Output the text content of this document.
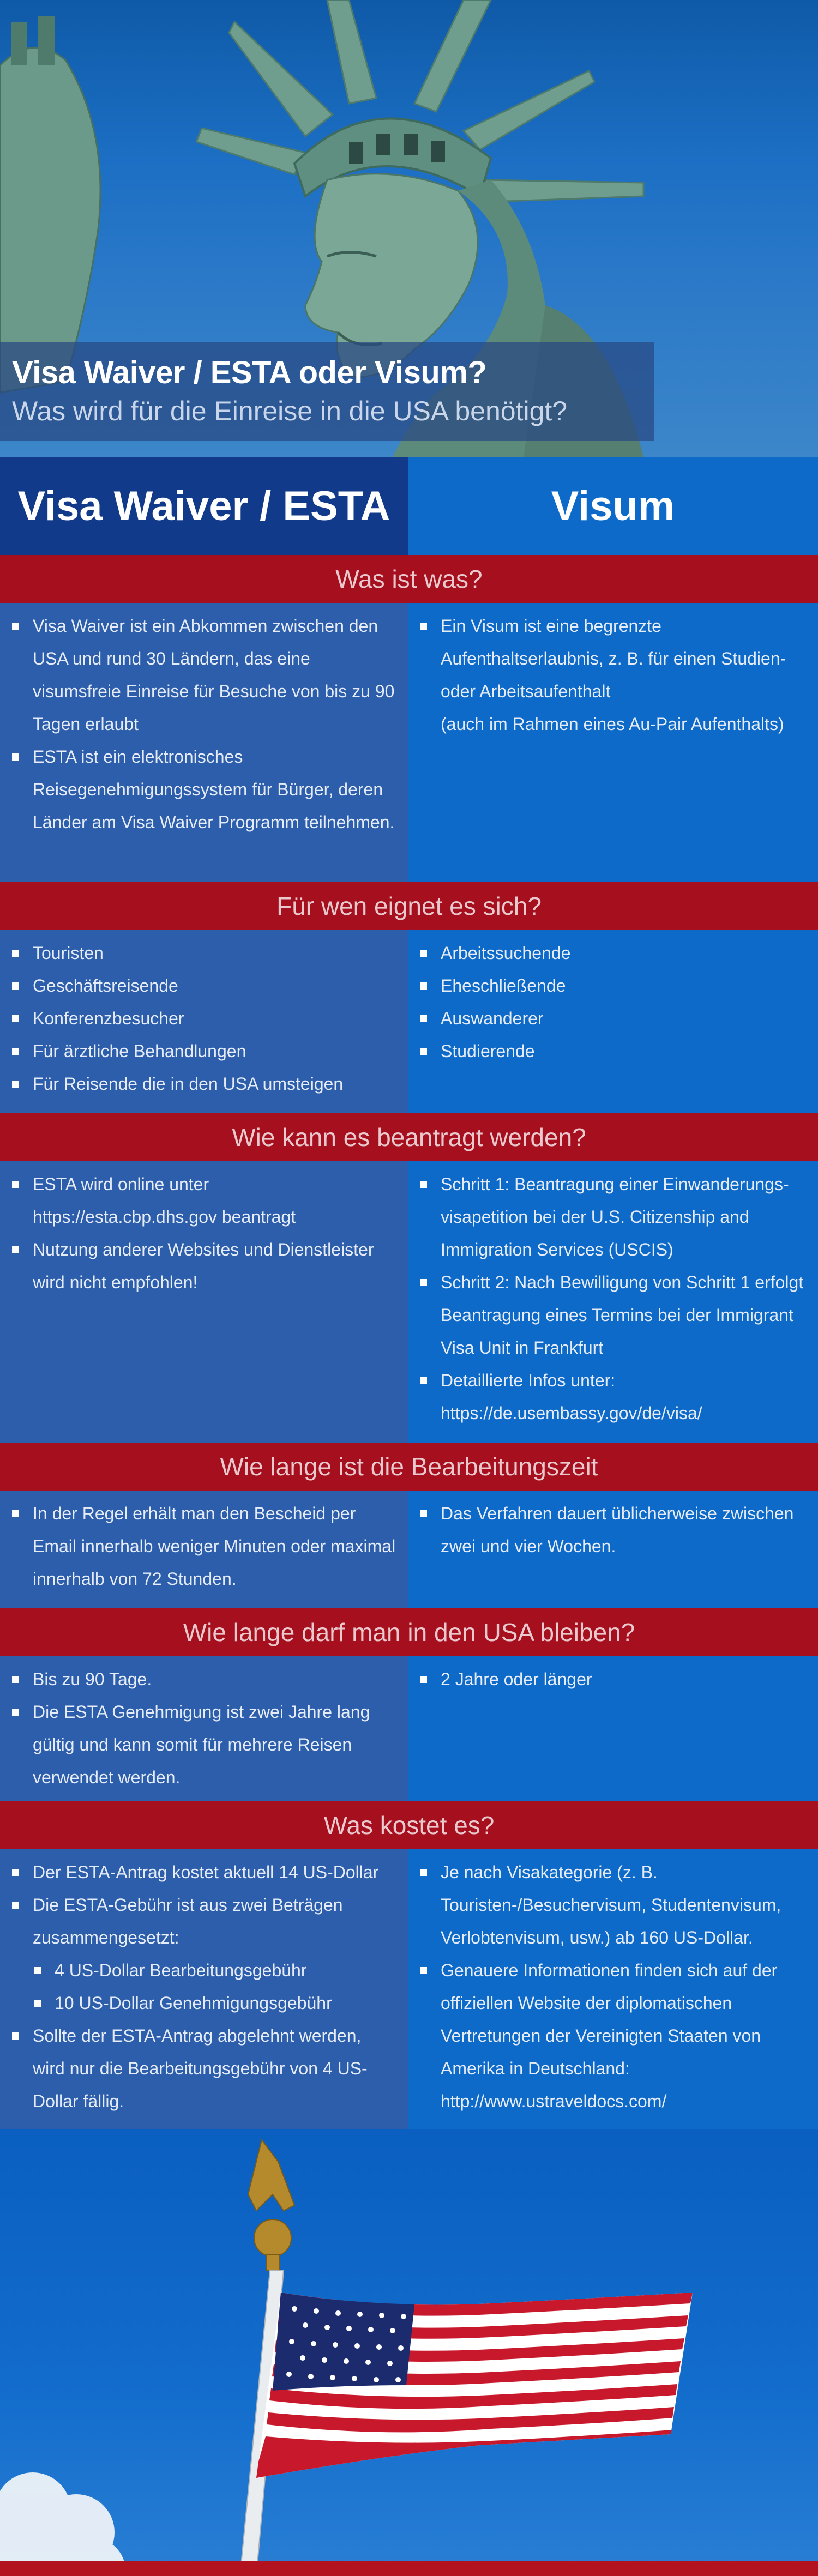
Visa Waiver / ESTA oder Visum?
Was wird für die Einreise in die USA benötigt?
Visa Waiver / ESTA	Visum
Was ist was?
Visa Waiver ist ein Abkommen zwischen den USA und rund 30 Ländern, das eine visumsfreie Einreise für Besuche von bis zu 90 Tagen erlaubt
ESTA ist ein elektronisches Reisegenehmigungssystem für Bürger, deren Länder am Visa Waiver Programm teilnehmen.
Ein Visum ist eine begrenzte Aufenthaltserlaubnis, z. B. für einen Studien- oder Arbeitsaufenthalt
(auch im Rahmen eines Au-Pair Aufenthalts)
Für wen eignet es sich?
Touristen
Geschäftsreisende
Konferenzbesucher
Für ärztliche Behandlungen
Für Reisende die in den USA umsteigen
Arbeitssuchende
Eheschließende
Auswanderer
Studierende
Wie kann es beantragt werden?
ESTA wird online unter https://esta.cbp.dhs.gov beantragt
Nutzung anderer Websites und Dienstleister wird nicht empfohlen!
Schritt 1: Beantragung einer Einwanderungs-visapetition bei der U.S. Citizenship and Immigration Services (USCIS)
Schritt 2: Nach Bewilligung von Schritt 1 erfolgt Beantragung eines Termins bei der Immigrant Visa Unit in Frankfurt
Detaillierte Infos unter: https://de.usembassy.gov/de/visa/
Wie lange ist die Bearbeitungszeit
In der Regel erhält man den Bescheid per Email innerhalb weniger Minuten oder maximal innerhalb von 72 Stunden.
Das Verfahren dauert üblicherweise zwischen zwei und vier Wochen.
Wie lange darf man in den USA bleiben?
Bis zu 90 Tage.
Die ESTA Genehmigung ist zwei Jahre lang gültig und kann somit für mehrere Reisen verwendet werden.
2 Jahre oder länger
Was kostet es?
Der ESTA-Antrag kostet aktuell 14 US-Dollar
Die ESTA-Gebühr ist aus zwei Beträgen zusammengesetzt:
4 US-Dollar Bearbeitungsgebühr
10 US-Dollar Genehmigungsgebühr
Sollte der ESTA-Antrag abgelehnt werden, wird nur die Bearbeitungsgebühr von 4 US-Dollar fällig.
Je nach Visakategorie (z. B. Touristen-/Besuchervisum, Studentenvisum, Verlobtenvisum, usw.) ab 160 US-Dollar.
Genauere Informationen finden sich auf der offiziellen Website der diplomatischen Vertretungen der Vereinigten Staaten von Amerika in Deutschland: http://www.ustraveldocs.com/
